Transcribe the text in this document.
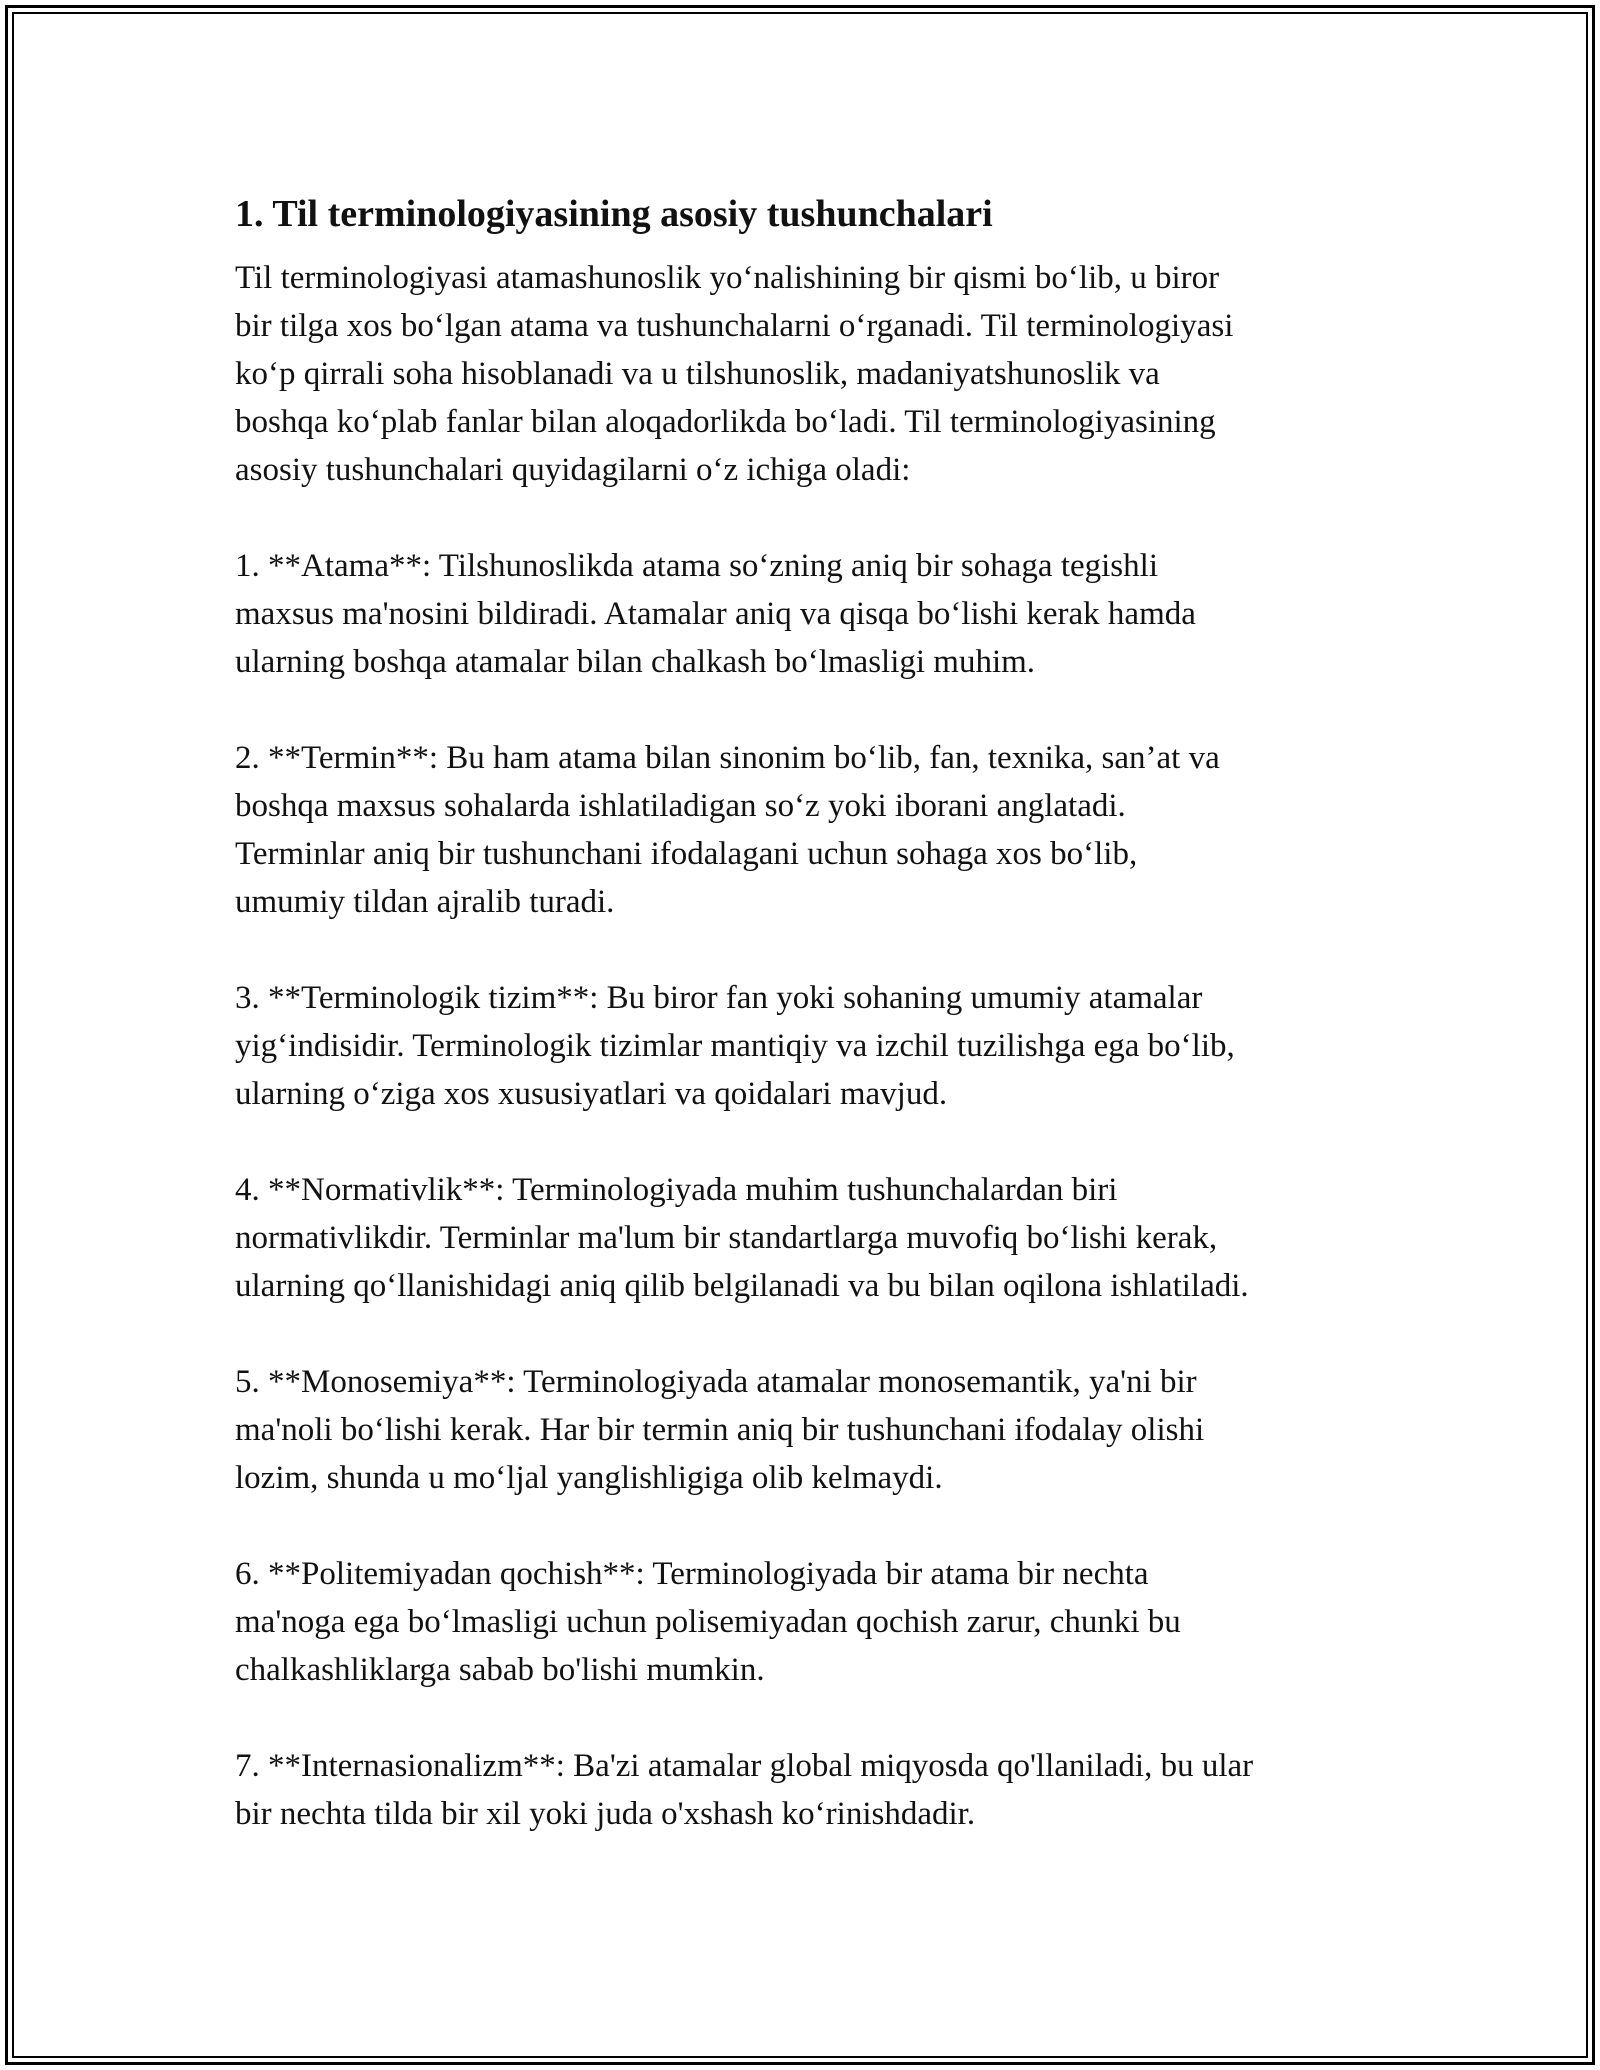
1. Til terminologiyasining asosiy tushunchalari

Til terminologiyasi atamashunoslik yo‘nalishining bir qismi bo‘lib, u biror
bir tilga xos bo‘lgan atama va tushunchalarni o‘rganadi. Til terminologiyasi
ko‘p qirrali soha hisoblanadi va u tilshunoslik, madaniyatshunoslik va
boshqa ko‘plab fanlar bilan aloqadorlikda bo‘ladi. Til terminologiyasining
asosiy tushunchalari quyidagilarni o‘z ichiga oladi:

1. **Atama**: Tilshunoslikda atama so‘zning aniq bir sohaga tegishli
maxsus ma'nosini bildiradi. Atamalar aniq va qisqa bo‘lishi kerak hamda
ularning boshqa atamalar bilan chalkash bo‘lmasligi muhim.

2. **Termin**: Bu ham atama bilan sinonim bo‘lib, fan, texnika, san’at va
boshqa maxsus sohalarda ishlatiladigan so‘z yoki iborani anglatadi.
Terminlar aniq bir tushunchani ifodalagani uchun sohaga xos bo‘lib,
umumiy tildan ajralib turadi.

3. **Terminologik tizim**: Bu biror fan yoki sohaning umumiy atamalar
yig‘indisidir. Terminologik tizimlar mantiqiy va izchil tuzilishga ega bo‘lib,
ularning o‘ziga xos xususiyatlari va qoidalari mavjud.

4. **Normativlik**: Terminologiyada muhim tushunchalardan biri
normativlikdir. Terminlar ma'lum bir standartlarga muvofiq bo‘lishi kerak,
ularning qo‘llanishidagi aniq qilib belgilanadi va bu bilan oqilona ishlatiladi.

5. **Monosemiya**: Terminologiyada atamalar monosemantik, ya'ni bir
ma'noli bo‘lishi kerak. Har bir termin aniq bir tushunchani ifodalay olishi
lozim, shunda u mo‘ljal yanglishligiga olib kelmaydi.

6. **Politemiyadan qochish**: Terminologiyada bir atama bir nechta
ma'noga ega bo‘lmasligi uchun polisemiyadan qochish zarur, chunki bu
chalkashliklarga sabab bo'lishi mumkin.

7. **Internasionalizm**: Ba'zi atamalar global miqyosda qo'llaniladi, bu ular
bir nechta tilda bir xil yoki juda o'xshash ko‘rinishdadir.
